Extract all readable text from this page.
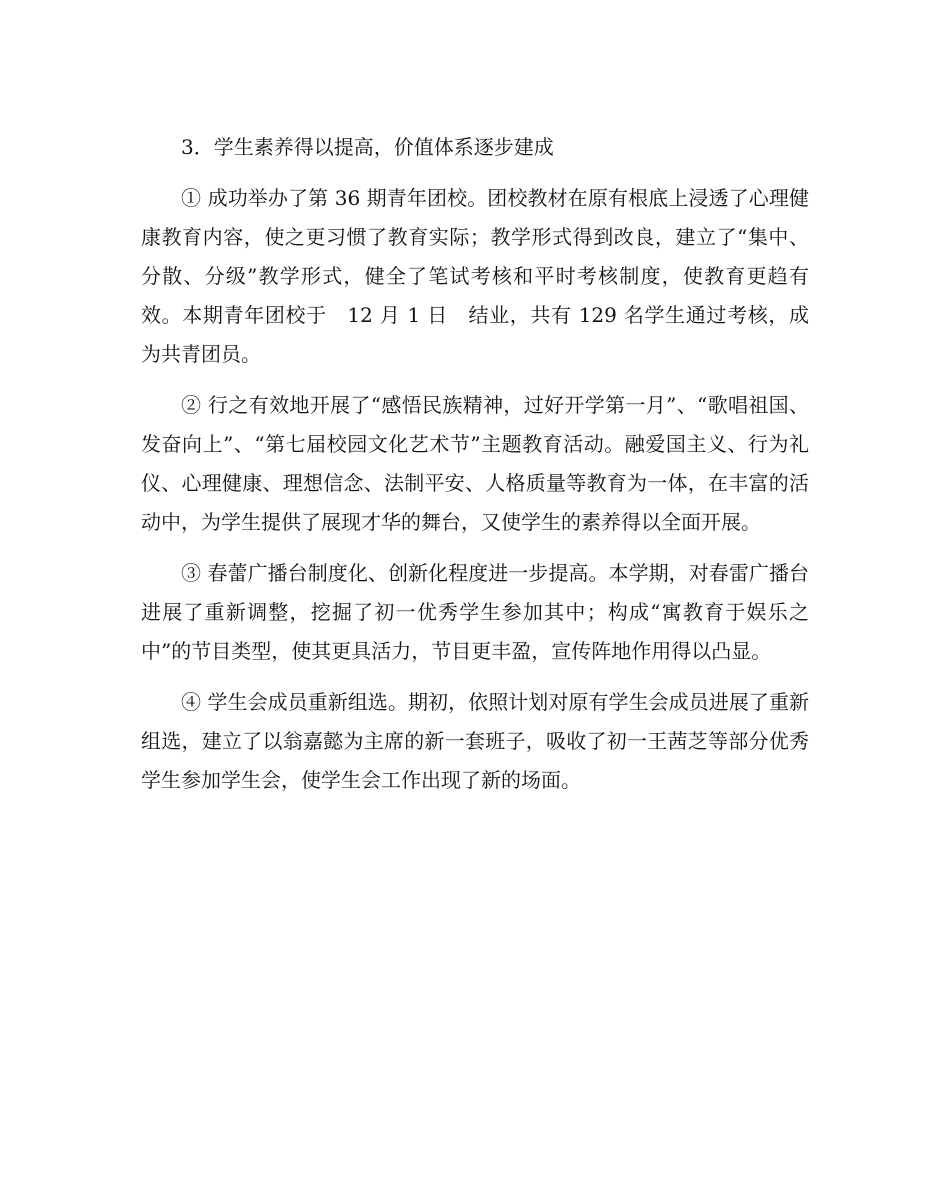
3．学生素养得以提高，价值体系逐步建成

① 成功举办了第 36 期青年团校。团校教材在原有根底上浸透了心理健康教育内容，使之更习惯了教育实际；教学形式得到改良，建立了“集中、分散、分级”教学形式，健全了笔试考核和平时考核制度，使教育更趋有效。本期青年团校于　12 月 1 日　结业，共有 129 名学生通过考核，成为共青团员。

② 行之有效地开展了“感悟民族精神，过好开学第一月”、“歌唱祖国、发奋向上”、“第七届校园文化艺术节”主题教育活动。融爱国主义、行为礼仪、心理健康、理想信念、法制平安、人格质量等教育为一体，在丰富的活动中，为学生提供了展现才华的舞台，又使学生的素养得以全面开展。

③ 春蕾广播台制度化、创新化程度进一步提高。本学期，对春雷广播台进展了重新调整，挖掘了初一优秀学生参加其中；构成“寓教育于娱乐之中”的节目类型，使其更具活力，节目更丰盈，宣传阵地作用得以凸显。

④ 学生会成员重新组选。期初，依照计划对原有学生会成员进展了重新组选，建立了以翁嘉懿为主席的新一套班子，吸收了初一王茜芝等部分优秀学生参加学生会，使学生会工作出现了新的场面。
